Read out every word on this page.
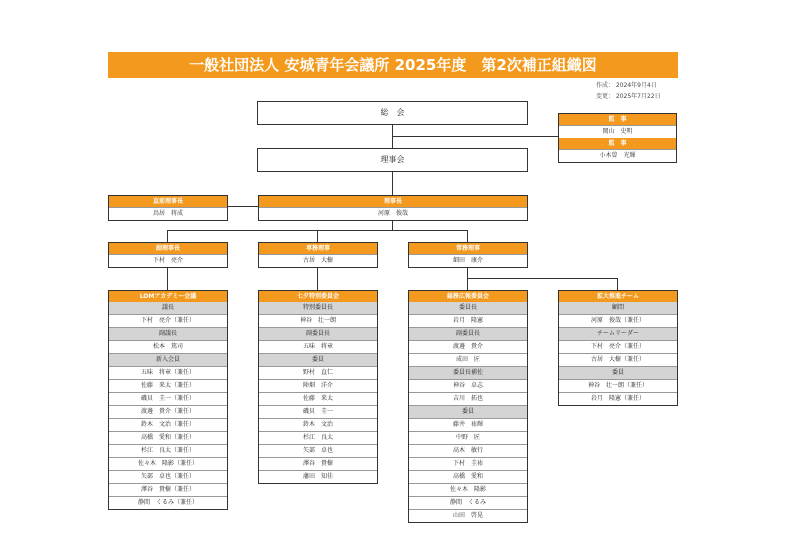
一般社団法人 安城青年会議所 2025年度　第2次補正組織図
作成： 2024年9月4日
変更： 2025年7月22日
総　会
理事会
監　事
岡山　史明
監　事
小木曽　光輝
直前理事長
鳥居　将成
理事長
河原　俊哉
副理事長
下村　亮介
専務理事
古居　大樹
常務理事
細田　康介
LOMアカデミー会議
議長
下村　亮介（兼任）
副議長
松本　篤司
新入会員
五味　将章（兼任）
佐藤　来太（兼任）
磯貝　圭一（兼任）
渡邊　貴介（兼任）
鈴木　文治（兼任）
高橋　愛和（兼任）
杉江　良太（兼任）
佐々木　隆影（兼任）
矢部　卓也（兼任）
澤谷　貴樹（兼任）
静間　くるみ（兼任）
七夕特別委員会
特別委員長
神谷　壮一朗
副委員長
五味　将章
委員
野村　直仁
陣畑　洋介
佐藤　来太
磯貝　圭一
鈴木　文治
杉江　良太
矢部　卓也
澤谷　貴樹
藩田　知佳
総務広報委員会
委員長
岩月　隆憲
副委員長
渡邊　貴介
成田　匠
委員長補佐
神谷　卓志
吉川　拓也
委員
藤井　祐輝
中野　匠
高木　敏行
下村　圭祐
高橋　愛和
佐々木　隆影
静間　くるみ
山田　啓晃
拡大推進チーム
顧問
河原　俊哉（兼任）
チームリーダー
下村　亮介（兼任）
古居　大樹（兼任）
委員
神谷　壮一朗（兼任）
岩月　隆憲（兼任）
